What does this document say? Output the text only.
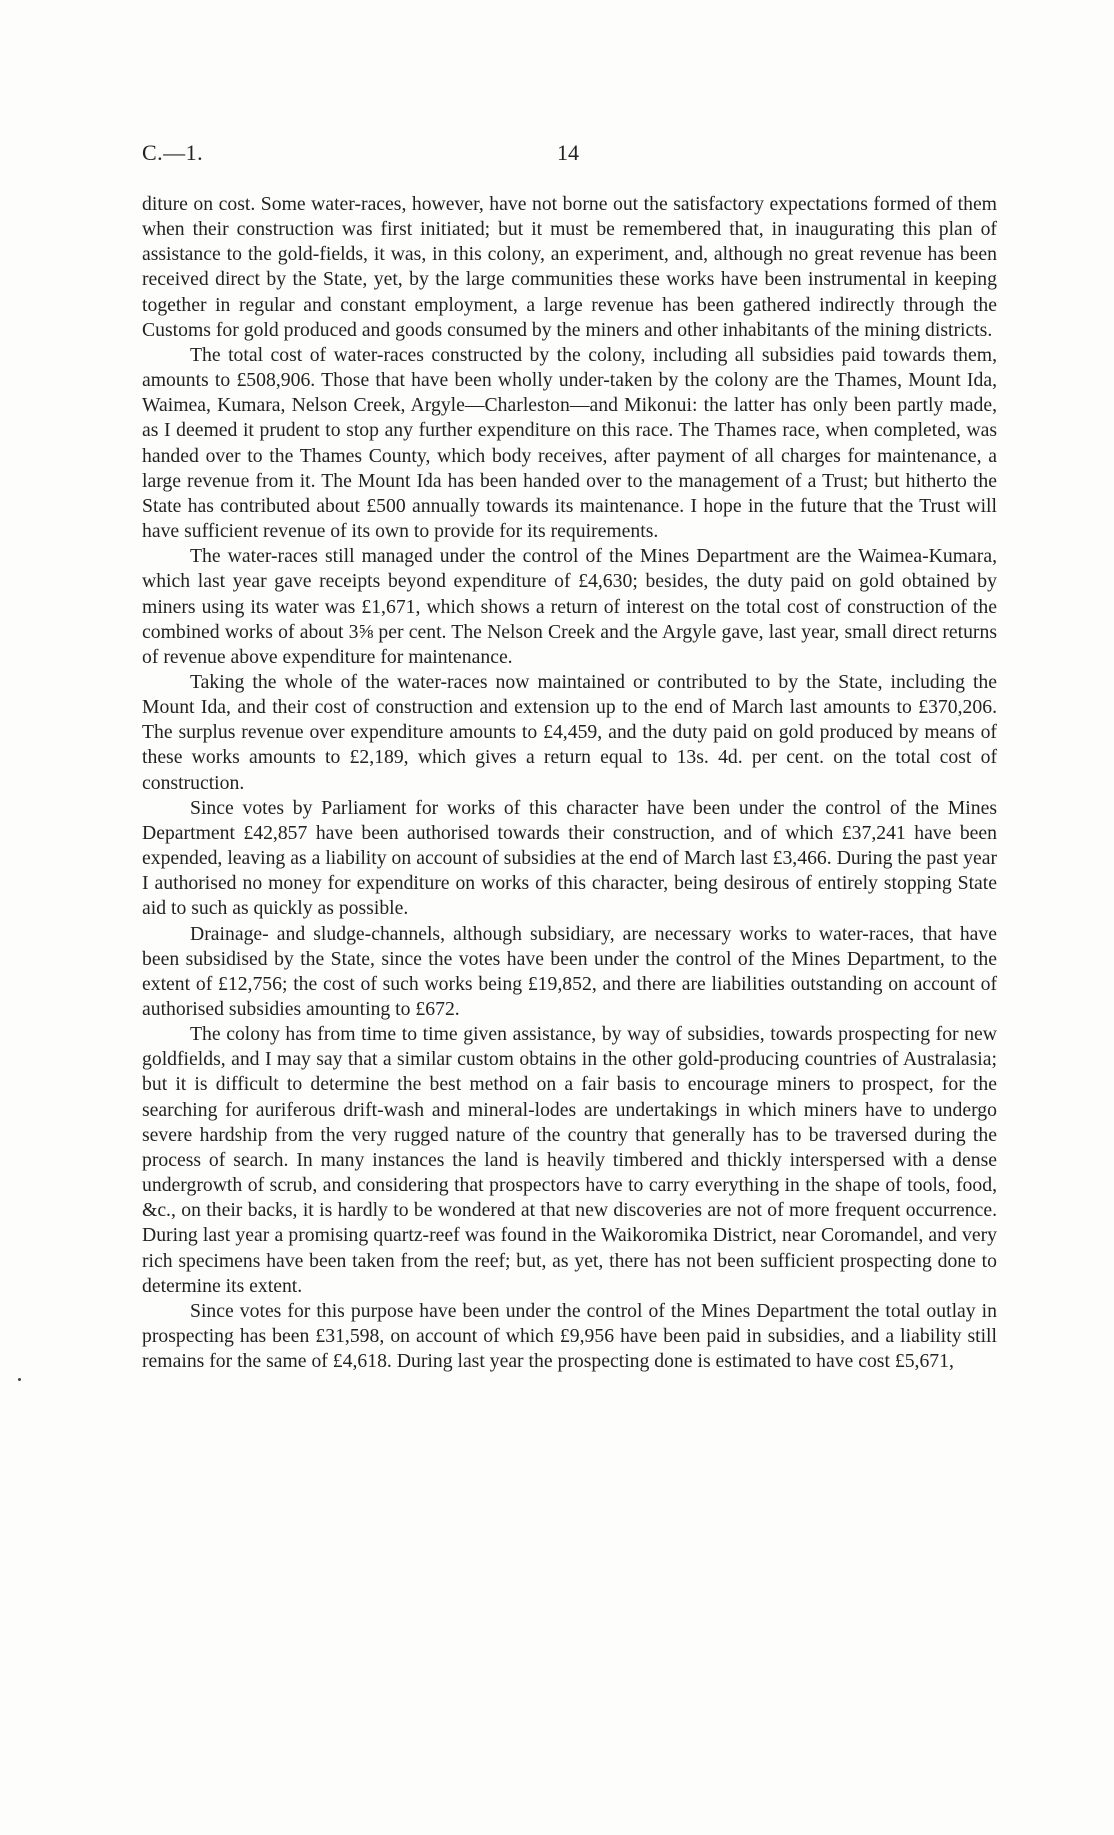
C.—1.	14

diture on cost. Some water-races, however, have not borne out the satisfactory expectations formed of them when their construction was first initiated; but it must be remembered that, in inaugurating this plan of assistance to the gold-fields, it was, in this colony, an experiment, and, although no great revenue has been received direct by the State, yet, by the large communities these works have been instrumental in keeping together in regular and constant employment, a large revenue has been gathered indirectly through the Customs for gold produced and goods consumed by the miners and other inhabitants of the mining districts.

The total cost of water-races constructed by the colony, including all subsidies paid towards them, amounts to £508,906. Those that have been wholly under-taken by the colony are the Thames, Mount Ida, Waimea, Kumara, Nelson Creek, Argyle—Charleston—and Mikonui: the latter has only been partly made, as I deemed it prudent to stop any further expenditure on this race. The Thames race, when completed, was handed over to the Thames County, which body receives, after payment of all charges for maintenance, a large revenue from it. The Mount Ida has been handed over to the management of a Trust; but hitherto the State has contributed about £500 annually towards its maintenance. I hope in the future that the Trust will have sufficient revenue of its own to provide for its requirements.

The water-races still managed under the control of the Mines Department are the Waimea-Kumara, which last year gave receipts beyond expenditure of £4,630; besides, the duty paid on gold obtained by miners using its water was £1,671, which shows a return of interest on the total cost of construction of the combined works of about 3⅝ per cent. The Nelson Creek and the Argyle gave, last year, small direct returns of revenue above expenditure for maintenance.

Taking the whole of the water-races now maintained or contributed to by the State, including the Mount Ida, and their cost of construction and extension up to the end of March last amounts to £370,206. The surplus revenue over expenditure amounts to £4,459, and the duty paid on gold produced by means of these works amounts to £2,189, which gives a return equal to 13s. 4d. per cent. on the total cost of construction.

Since votes by Parliament for works of this character have been under the control of the Mines Department £42,857 have been authorised towards their construction, and of which £37,241 have been expended, leaving as a liability on account of subsidies at the end of March last £3,466. During the past year I authorised no money for expenditure on works of this character, being desirous of entirely stopping State aid to such as quickly as possible.

Drainage- and sludge-channels, although subsidiary, are necessary works to water-races, that have been subsidised by the State, since the votes have been under the control of the Mines Department, to the extent of £12,756; the cost of such works being £19,852, and there are liabilities outstanding on account of authorised subsidies amounting to £672.

The colony has from time to time given assistance, by way of subsidies, towards prospecting for new goldfields, and I may say that a similar custom obtains in the other gold-producing countries of Australasia; but it is difficult to determine the best method on a fair basis to encourage miners to prospect, for the searching for auriferous drift-wash and mineral-lodes are undertakings in which miners have to undergo severe hardship from the very rugged nature of the country that generally has to be traversed during the process of search. In many instances the land is heavily timbered and thickly interspersed with a dense undergrowth of scrub, and considering that prospectors have to carry everything in the shape of tools, food, &c., on their backs, it is hardly to be wondered at that new discoveries are not of more frequent occurrence. During last year a promising quartz-reef was found in the Waikoromika District, near Coromandel, and very rich specimens have been taken from the reef; but, as yet, there has not been sufficient prospecting done to determine its extent.

Since votes for this purpose have been under the control of the Mines Department the total outlay in prospecting has been £31,598, on account of which £9,956 have been paid in subsidies, and a liability still remains for the same of £4,618. During last year the prospecting done is estimated to have cost £5,671,
